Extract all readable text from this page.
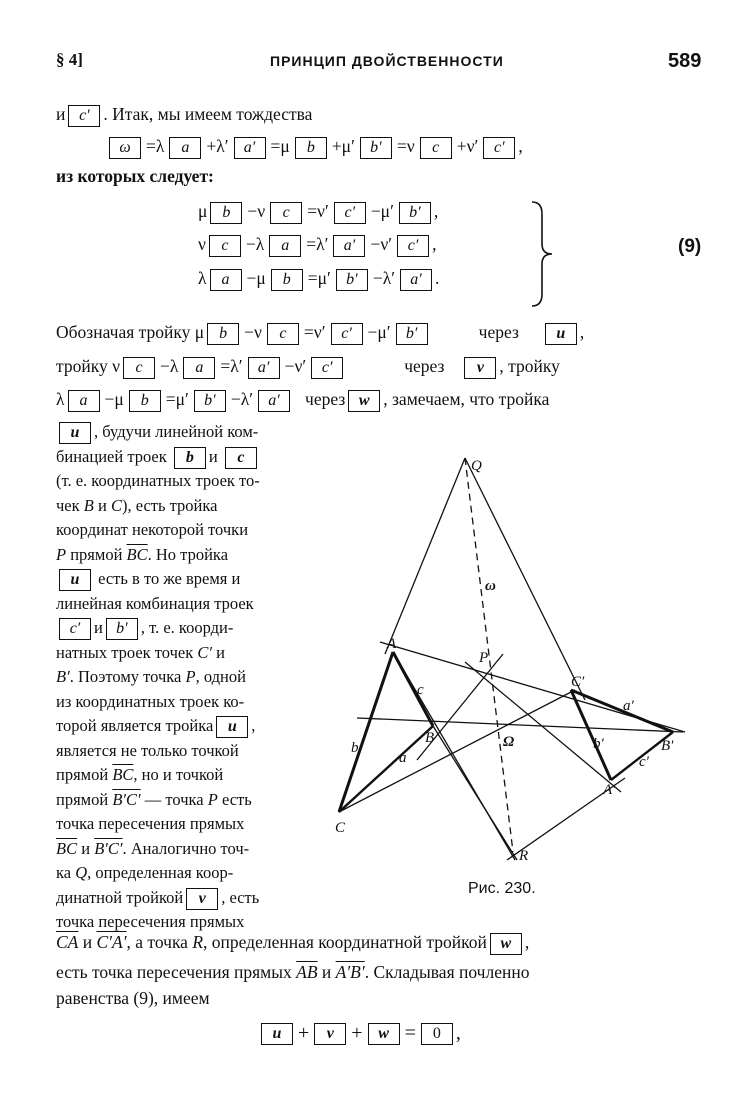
§ 4]	ПРИНЦИП ДВОЙСТВЕННОСТИ	589
и c′ . Итак, мы имеем тождества
ω =λ a +λ′ a′ =μ b +μ′ b′ =ν c +ν′ c′ ,
из которых следует:
μ b −ν c =ν′ c′ −μ′ b′ ,
ν c −λ a =λ′ a′ −ν′ c′ ,
λ a −μ b =μ′ b′ −λ′ a′ .
(9)
Обозначая тройку μ b −ν c =ν′ c′ −μ′ b′	через u ,
тройку ν c −λ a =λ′ a′ −ν′ c′	через v , тройку
λ a −μ b =μ′ b′ −λ′ a′ через w , замечаем, что тройка
u , будучи линейной ком-
бинацией троек b и c
(т. е. координатных троек то-
чек B и C), есть тройка
координат некоторой точки
P прямой $\overline{BC}$. Но тройка
u есть в то же время и
линейная комбинация троек
c′ и b′ , т. е. коорди-
натных троек точек C′ и
B′. Поэтому точка P, одной
из координатных троек ко-
торой является тройка u ,
является не только точкой
прямой $\overline{BC}$, но и точкой
прямой B′C′ — точка P есть
точка пересечения прямых
$\overline{BC}$ и B′C′. Аналогично точ-
ка Q, определенная коор-
динатной тройкой v , есть
точка пересечения прямых
Q
ω
A
P
C′
a′
c
B	Ω	b′	B′
b
a	c′
A′
C
R
Рис. 230.
$\overline{CA}$ и C′A′, а точка R, определенная координатной тройкой w ,
есть точка пересечения прямых $\overline{AB}$ и A′B′. Складывая почленно
равенства (9), имеем
u + v + w = 0 ,
